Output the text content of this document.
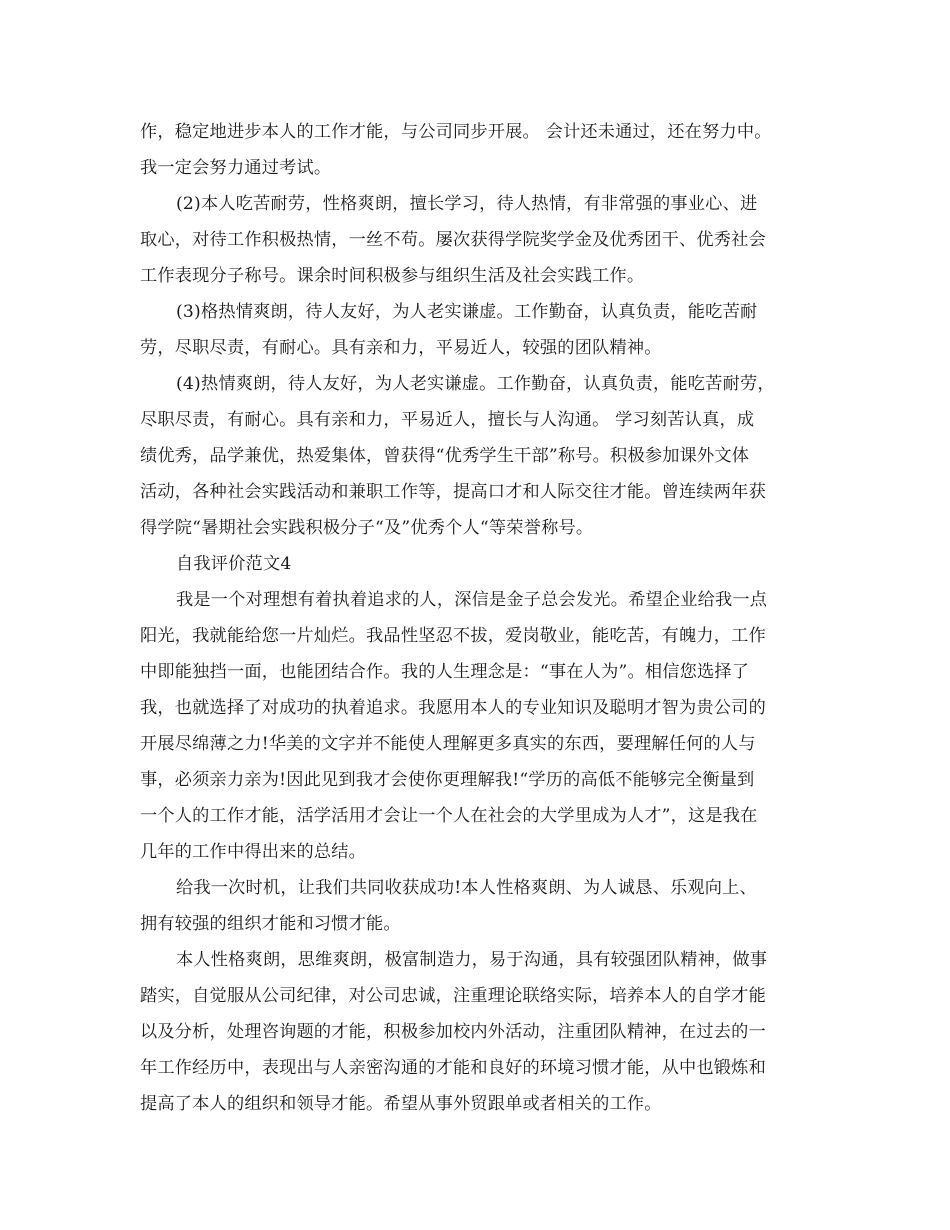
作，稳定地进步本人的工作才能，与公司同步开展。 会计还未通过，还在努力中。
我一定会努力通过考试。
(2)本人吃苦耐劳，性格爽朗，擅长学习，待人热情，有非常强的事业心、进
取心，对待工作积极热情，一丝不苟。屡次获得学院奖学金及优秀团干、优秀社会
工作表现分子称号。课余时间积极参与组织生活及社会实践工作。
(3)格热情爽朗，待人友好，为人老实谦虚。工作勤奋，认真负责，能吃苦耐
劳，尽职尽责，有耐心。具有亲和力，平易近人，较强的团队精神。
(4)热情爽朗，待人友好，为人老实谦虚。工作勤奋，认真负责，能吃苦耐劳，
尽职尽责，有耐心。具有亲和力，平易近人，擅长与人沟通。 学习刻苦认真，成
绩优秀，品学兼优，热爱集体，曾获得“优秀学生干部”称号。积极参加课外文体
活动，各种社会实践活动和兼职工作等，提高口才和人际交往才能。曾连续两年获
得学院“暑期社会实践积极分子“及”优秀个人“等荣誉称号。
自我评价范文4
我是一个对理想有着执着追求的人，深信是金子总会发光。希望企业给我一点
阳光，我就能给您一片灿烂。我品性坚忍不拔，爱岗敬业，能吃苦，有魄力，工作
中即能独挡一面，也能团结合作。我的人生理念是：“事在人为”。相信您选择了
我，也就选择了对成功的执着追求。我愿用本人的专业知识及聪明才智为贵公司的
开展尽绵薄之力!华美的文字并不能使人理解更多真实的东西，要理解任何的人与
事，必须亲力亲为!因此见到我才会使你更理解我!“学历的高低不能够完全衡量到
一个人的工作才能，活学活用才会让一个人在社会的大学里成为人才”，这是我在
几年的工作中得出来的总结。
给我一次时机，让我们共同收获成功!本人性格爽朗、为人诚恳、乐观向上、
拥有较强的组织才能和习惯才能。
本人性格爽朗，思维爽朗，极富制造力，易于沟通，具有较强团队精神，做事
踏实，自觉服从公司纪律，对公司忠诚，注重理论联络实际，培养本人的自学才能
以及分析，处理咨询题的才能，积极参加校内外活动，注重团队精神，在过去的一
年工作经历中，表现出与人亲密沟通的才能和良好的环境习惯才能，从中也锻炼和
提高了本人的组织和领导才能。希望从事外贸跟单或者相关的工作。
